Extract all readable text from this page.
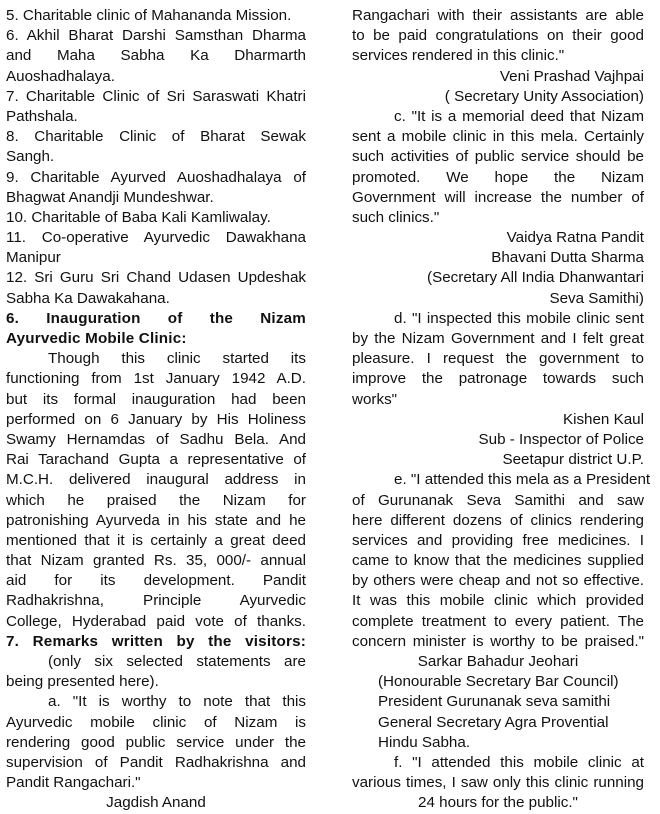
5. Charitable clinic of Mahananda Mission.
6. Akhil Bharat Darshi Samsthan Dharma
and Maha Sabha Ka Dharmarth
Auoshadhalaya.
7. Charitable Clinic of Sri Saraswati Khatri
Pathshala.
8. Charitable Clinic of Bharat Sewak
Sangh.
9. Charitable Ayurved Auoshadhalaya of
Bhagwat Anandji Mundeshwar.
10. Charitable of Baba Kali Kamliwalay.
11. Co-operative Ayurvedic Dawakhana
Manipur
12. Sri Guru Sri Chand Udasen Updeshak
Sabha Ka Dawakahana.
6. Inauguration of the Nizam
Ayurvedic Mobile Clinic:
Though this clinic started its
functioning from 1st January 1942 A.D.
but its formal inauguration had been
performed on 6 January by His Holiness
Swamy Hernamdas of Sadhu Bela. And
Rai Tarachand Gupta a representative of
M.C.H. delivered inaugural address in
which he praised the Nizam for
patronishing Ayurveda in his state and he
mentioned that it is certainly a great deed
that Nizam granted Rs. 35, 000/- annual
aid for its development. Pandit
Radhakrishna, Principle Ayurvedic
College, Hyderabad paid vote of thanks.
7. Remarks written by the visitors:
(only six selected statements are
being presented here).
a. "It is worthy to note that this
Ayurvedic mobile clinic of Nizam is
rendering good public service under the
supervision of Pandit Radhakrishna and
Pandit Rangachari."
Jagdish Anand
Rangachari with their assistants are able
to be paid congratulations on their good
services rendered in this clinic."
Veni Prashad Vajhpai
( Secretary Unity Association)
c. "It is a memorial deed that Nizam
sent a mobile clinic in this mela. Certainly
such activities of public service should be
promoted. We hope the Nizam
Government will increase the number of
such clinics."
Vaidya Ratna Pandit
Bhavani Dutta Sharma
(Secretary All India Dhanwantari
Seva Samithi)
d. "I inspected this mobile clinic sent
by the Nizam Government and I felt great
pleasure. I request the government to
improve the patronage towards such
works"
Kishen Kaul
Sub - Inspector of Police
Seetapur district U.P.
e. "I attended this mela as a President
of Gurunanak Seva Samithi and saw
here different dozens of clinics rendering
services and providing free medicines. I
came to know that the medicines supplied
by others were cheap and not so effective.
It was this mobile clinic which provided
complete treatment to every patient. The
concern minister is worthy to be praised."
Sarkar Bahadur Jeohari
(Honourable Secretary Bar Council)
President Gurunanak seva samithi
General Secretary Agra Provential
Hindu Sabha.
f. "I attended this mobile clinic at
various times, I saw only this clinic running
24 hours for the public."
